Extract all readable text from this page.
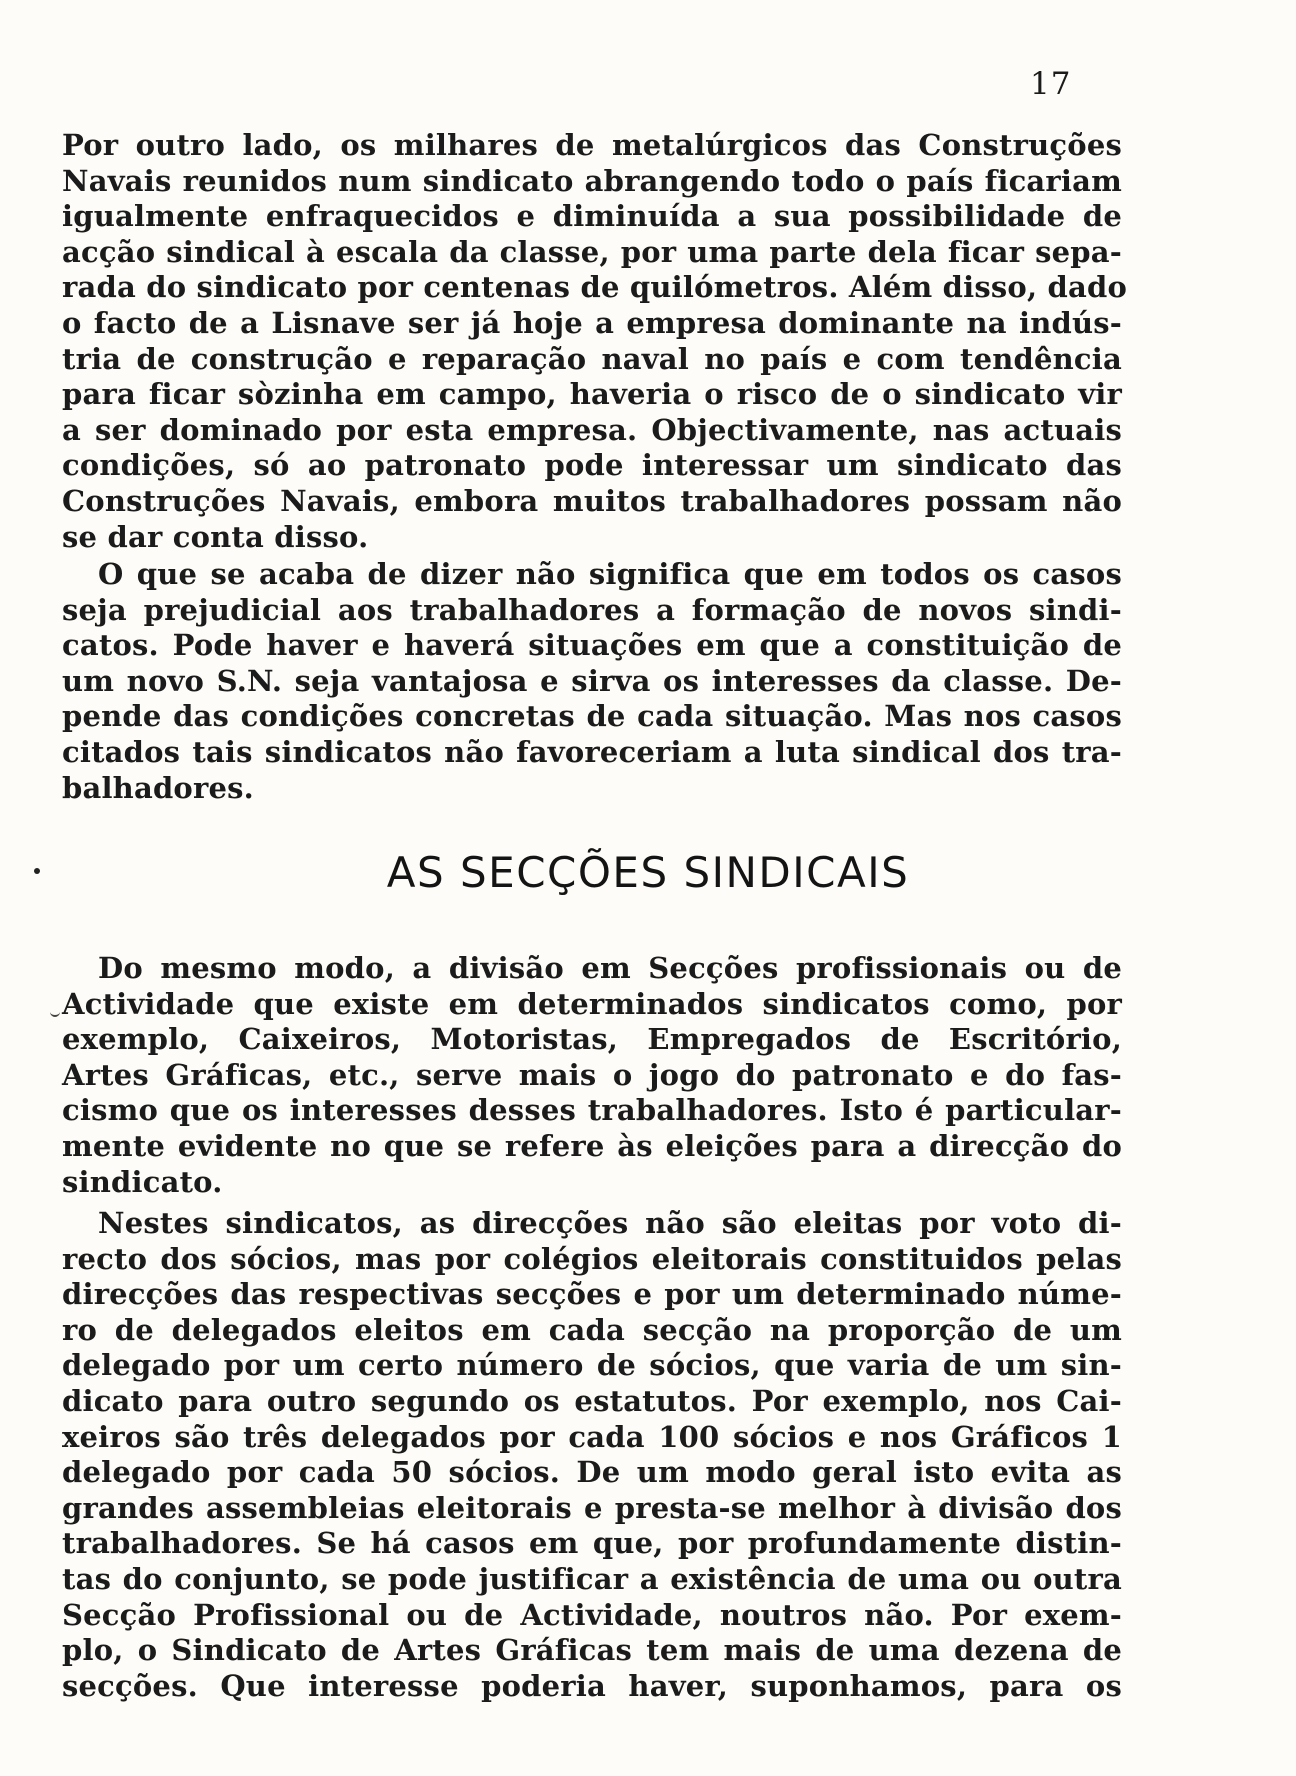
17
Por outro lado, os milhares de metalúrgicos das Construções
Navais reunidos num sindicato abrangendo todo o país ficariam
igualmente enfraquecidos e diminuída a sua possibilidade de
acção sindical à escala da classe, por uma parte dela ficar sepa-
rada do sindicato por centenas de quilómetros. Além disso, dado
o facto de a Lisnave ser já hoje a empresa dominante na indús-
tria de construção e reparação naval no país e com tendência
para ficar sòzinha em campo, haveria o risco de o sindicato vir
a ser dominado por esta empresa. Objectivamente, nas actuais
condições, só ao patronato pode interessar um sindicato das
Construções Navais, embora muitos trabalhadores possam não
se dar conta disso.
O que se acaba de dizer não significa que em todos os casos
seja prejudicial aos trabalhadores a formação de novos sindi-
catos. Pode haver e haverá situações em que a constituição de
um novo S.N. seja vantajosa e sirva os interesses da classe. De-
pende das condições concretas de cada situação. Mas nos casos
citados tais sindicatos não favoreceriam a luta sindical dos tra-
balhadores.
AS SECÇÕES SINDICAIS
Do mesmo modo, a divisão em Secções profissionais ou de
Actividade que existe em determinados sindicatos como, por
exemplo, Caixeiros, Motoristas, Empregados de Escritório,
Artes Gráficas, etc., serve mais o jogo do patronato e do fas-
cismo que os interesses desses trabalhadores. Isto é particular-
mente evidente no que se refere às eleições para a direcção do
sindicato.
Nestes sindicatos, as direcções não são eleitas por voto di-
recto dos sócios, mas por colégios eleitorais constituidos pelas
direcções das respectivas secções e por um determinado núme-
ro de delegados eleitos em cada secção na proporção de um
delegado por um certo número de sócios, que varia de um sin-
dicato para outro segundo os estatutos. Por exemplo, nos Cai-
xeiros são três delegados por cada 100 sócios e nos Gráficos 1
delegado por cada 50 sócios. De um modo geral isto evita as
grandes assembleias eleitorais e presta-se melhor à divisão dos
trabalhadores. Se há casos em que, por profundamente distin-
tas do conjunto, se pode justificar a existência de uma ou outra
Secção Profissional ou de Actividade, noutros não. Por exem-
plo, o Sindicato de Artes Gráficas tem mais de uma dezena de
secções. Que interesse poderia haver, suponhamos, para os
